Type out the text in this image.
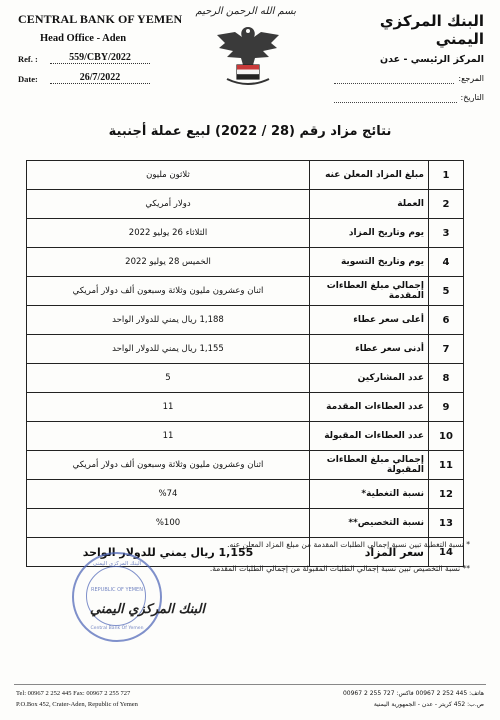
CENTRAL BANK OF YEMEN
Head Office - Aden
Ref. :	559/CBY/2022
Date:	26/7/2022
بسم الله الرحمن الرحيم
البنك المركزي اليمني
المركز الرئيسي - عدن
المرجع:
التاريخ:
نتائج مزاد رقم (28 / 2022) لبيع عملة أجنبية
1	مبلغ المزاد المعلن عنه	ثلاثون مليون
2	العملة	دولار أمريكي
3	يوم وتاريخ المزاد	الثلاثاء 26 يوليو 2022
4	يوم وتاريخ التسوية	الخميس 28 يوليو 2022
5	إجمالي مبلغ العطاءات المقدمة	اثنان وعشرون مليون وثلاثة وسبعون ألف دولار أمريكي
6	أعلى سعر عطاء	1,188 ريال يمني للدولار الواحد
7	أدنى سعر عطاء	1,155 ريال يمني للدولار الواحد
8	عدد المشاركين	5
9	عدد العطاءات المقدمة	11
10	عدد العطاءات المقبولة	11
11	إجمالي مبلغ العطاءات المقبولة	اثنان وعشرون مليون وثلاثة وسبعون ألف دولار أمريكي
12	نسبة التغطية*	%74
13	نسبة التخصيص**	%100
14	سعر المزاد	1,155 ريال يمني للدولار الواحد

* نسبة التغطية تبين نسبة إجمالي الطلبات المقدمة من مبلغ المزاد المعلن عنه.

** نسبة التخصيص تبين نسبة إجمالي الطلبات المقبولة من إجمالي الطلبات المقدمة.

البنك المركزي اليمني
REPUBLIC OF YEMEN
Central Bank Of Yemen
البنك المركزي اليمني
Tel: 00967 2 252 445 Fax: 00967 2 255 727
P.O.Box 452, Crater-Aden, Republic of Yemen
هاتف: 445 252 2 00967 فاكس: 727 255 2 00967
ص.ب: 452 كريتر - عدن - الجمهورية اليمنية
